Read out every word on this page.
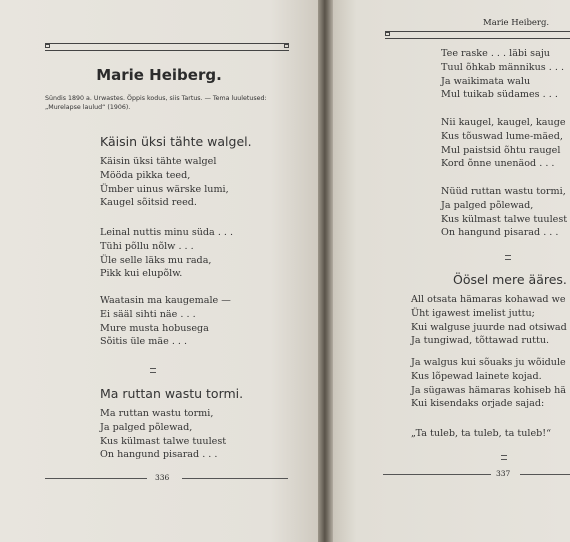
Marie Heiberg.
Sündis 1890 a. Urwastes. Öppis kodus, siis Tartus. — Tema luuletused:
„Murelapse laulud“ (1906).
Käisin üksi tähte walgel.
Käisin üksi tähte walgel
Mööda pikka teed,
Ümber uinus wärske lumi,
Kaugel sõitsid reed.
Leinal nuttis minu süda . . .
Tühi põllu nõlw . . .
Üle selle läks mu rada,
Pikk kui elupõlw.
Waatasin ma kaugemale —
Ei sääl sihti näe . . .
Mure musta hobusega
Sõitis üle mäe . . .
Ma ruttan wastu tormi.
Ma ruttan wastu tormi,
Ja palged põlewad,
Kus külmast talwe tuulest
On hangund pisarad . . .
336
Marie Heiberg.
Tee raske . . . läbi saju
Tuul õhkab männikus . . .
Ja waikimata walu
Mul tuikab südames . . .
Nii kaugel, kaugel, kauge
Kus tõuswad lume-mäed,
Mul paistsid õhtu raugel
Kord õnne unenäod . . .
Nüüd ruttan wastu tormi,
Ja palged põlewad,
Kus külmast talwe tuulest
On hangund pisarad . . .
Öösel mere ääres.
All otsata hämaras kohawad we
Üht igawest imelist juttu;
Kui walguse juurde nad otsiwad
Ja tungiwad, tõttawad ruttu.
Ja walgus kui sõuaks ju wõidule
Kus lõpewad lainete kojad.
Ja sügawas hämaras kohiseb hä
Kui kisendaks orjade sajad:
„Ta tuleb, ta tuleb, ta tuleb!“
337
